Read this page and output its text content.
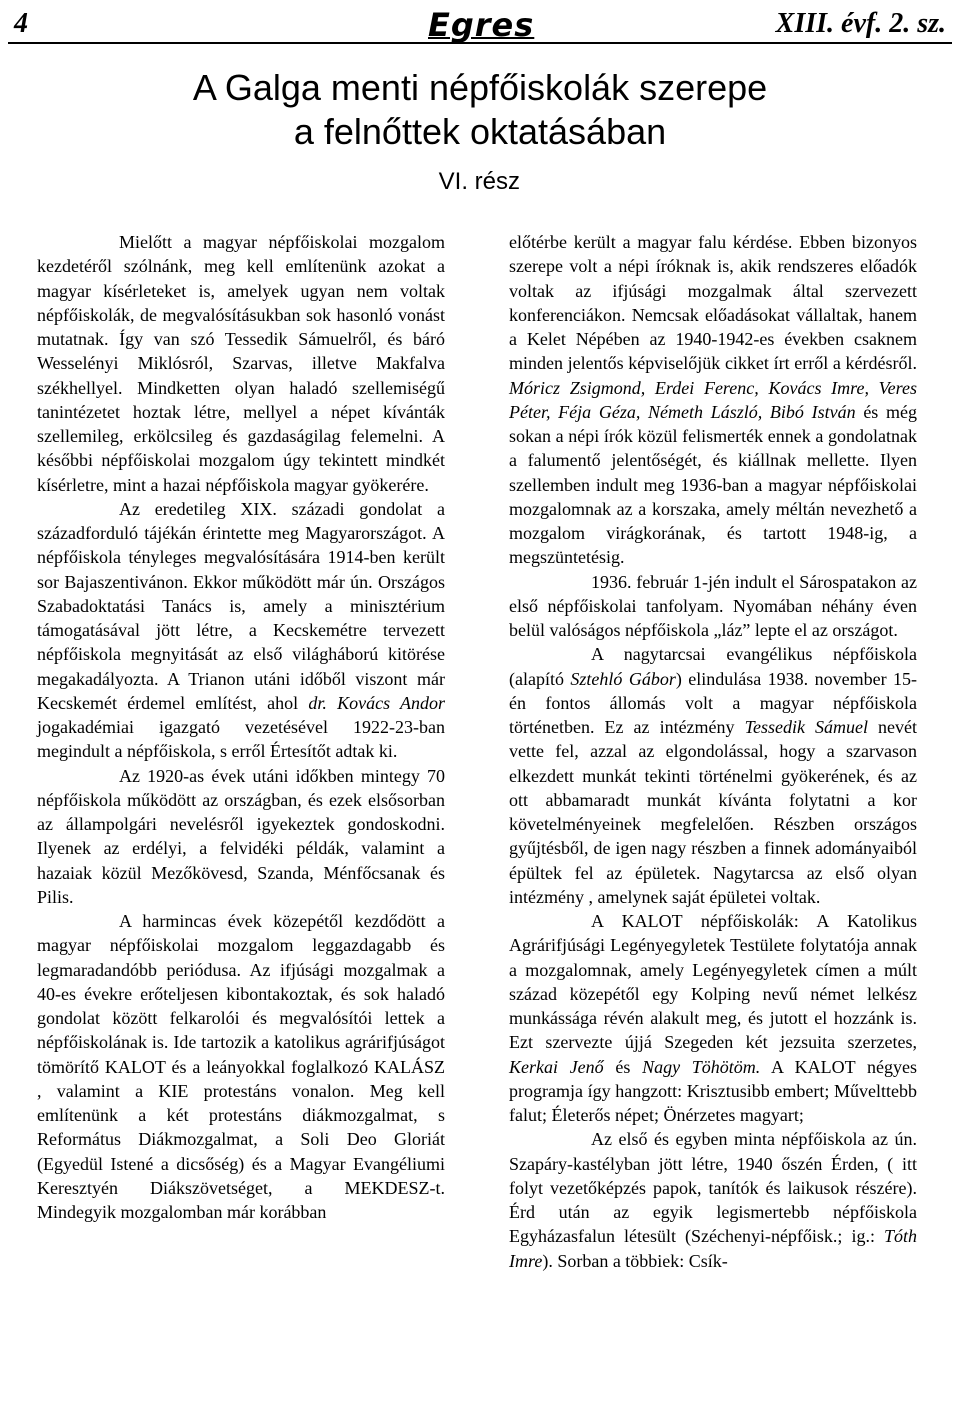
4	Egres	XIII. évf. 2. sz.
A Galga menti népfőiskolák szerepe
a felnőttek oktatásában
VI. rész

Mielőtt a magyar népfőiskolai mozgalom kezdetéről szólnánk, meg kell említenünk azokat a magyar kísérleteket is, amelyek ugyan nem voltak népfőiskolák, de megvalósításukban sok hasonló vonást mutatnak. Így van szó Tessedik Sámuelről, és báró Wesselényi Miklósról, Szarvas, illetve Makfalva székhellyel. Mindketten olyan haladó szellemiségű tanintézetet hoztak létre, mellyel a népet kívánták szellemileg, erkölcsileg és gazdaságilag felemelni. A későbbi népfőiskolai mozgalom úgy tekintett mindkét kísérletre, mint a hazai népfőiskola magyar gyökerére.

Az eredetileg XIX. századi gondolat a századforduló tájékán érintette meg Magyarországot. A népfőiskola tényleges megvalósítására 1914-ben került sor Bajaszentivánon. Ekkor működött már ún. Országos Szabadoktatási Tanács is, amely a minisztérium támogatásával jött létre, a Kecskemétre tervezett népfőiskola megnyitását az első világháború kitörése megakadályozta. A Trianon utáni időből viszont már Kecskemét érdemel említést, ahol dr. Kovács Andor jogakadémiai igazgató vezetésével 1922-23-ban megindult a népfőiskola, s erről Értesítőt adtak ki.

Az 1920-as évek utáni időkben mintegy 70 népfőiskola működött az országban, és ezek elsősorban az állampolgári nevelésről igyekeztek gondoskodni. Ilyenek az erdélyi, a felvidéki példák, valamint a hazaiak közül Mezőkövesd, Szanda, Ménfőcsanak és Pilis.

A harmincas évek közepétől kezdődött a magyar népfőiskolai mozgalom leggazdagabb és legmaradandóbb periódusa. Az ifjúsági mozgalmak a 40-es évekre erőteljesen kibontakoztak, és sok haladó gondolat között felkarolói és megvalósítói lettek a népfőiskolának is. Ide tartozik a katolikus agrárifjúságot tömörítő KALOT és a leányokkal foglalkozó KALÁSZ , valamint a KIE protestáns vonalon. Meg kell említenünk a két protestáns diákmozgalmat, s Református Diákmozgalmat, a Soli Deo Gloriát (Egyedül Istené a dicsőség) és a Magyar Evangéliumi Keresztyén Diákszövetséget, a MEKDESZ-t. Mindegyik mozgalomban már korábban

előtérbe került a magyar falu kérdése. Ebben bizonyos szerepe volt a népi íróknak is, akik rendszeres előadók voltak az ifjúsági mozgalmak által szervezett konferenciákon. Nemcsak előadásokat vállaltak, hanem a Kelet Népében az 1940-1942-es években csaknem minden jelentős képviselőjük cikket írt erről a kérdésről. Móricz Zsigmond, Erdei Ferenc, Kovács Imre, Veres Péter, Féja Géza, Németh László, Bibó István és még sokan a népi írók közül felismerték ennek a gondolatnak a falumentő jelentőségét, és kiállnak mellette. Ilyen szellemben indult meg 1936-ban a magyar népfőiskolai mozgalomnak az a korszaka, amely méltán nevezhető a mozgalom virágkorának, és tartott 1948-ig, a megszüntetésig.

1936. február 1-jén indult el Sárospatakon az első népfőiskolai tanfolyam. Nyomában néhány éven belül valóságos népfőiskola „láz” lepte el az országot.

A nagytarcsai evangélikus népfőiskola (alapító Sztehló Gábor) elindulása 1938. november 15-én fontos állomás volt a magyar népfőiskola történetben. Ez az intézmény Tessedik Sámuel nevét vette fel, azzal az elgondolással, hogy a szarvason elkezdett munkát tekinti történelmi gyökerének, és az ott abbamaradt munkát kívánta folytatni a kor követelményeinek megfelelően. Részben országos gyűjtésből, de igen nagy részben a finnek adományaiból épültek fel az épületek. Nagytarcsa az első olyan intézmény , amelynek saját épületei voltak.

A KALOT népfőiskolák: A Katolikus Agrárifjúsági Legényegyletek Testülete folytatója annak a mozgalomnak, amely Legényegyletek címen a múlt század közepétől egy Kolping nevű német lelkész munkássága révén alakult meg, és jutott el hozzánk is. Ezt szervezte újjá Szegeden két jezsuita szerzetes, Kerkai Jenő és Nagy Töhötöm. A KALOT négyes programja így hangzott: Krisztusibb embert; Művelttebb falut; Életerős népet; Önérzetes magyart;

Az első és egyben minta népfőiskola az ún. Szapáry-kastélyban jött létre, 1940 őszén Érden, ( itt folyt vezetőképzés papok, tanítók és laikusok részére). Érd után az egyik legismertebb népfőiskola Egyházasfalun létesült (Széchenyi-népfőisk.; ig.: Tóth Imre). Sorban a többiek: Csík-
